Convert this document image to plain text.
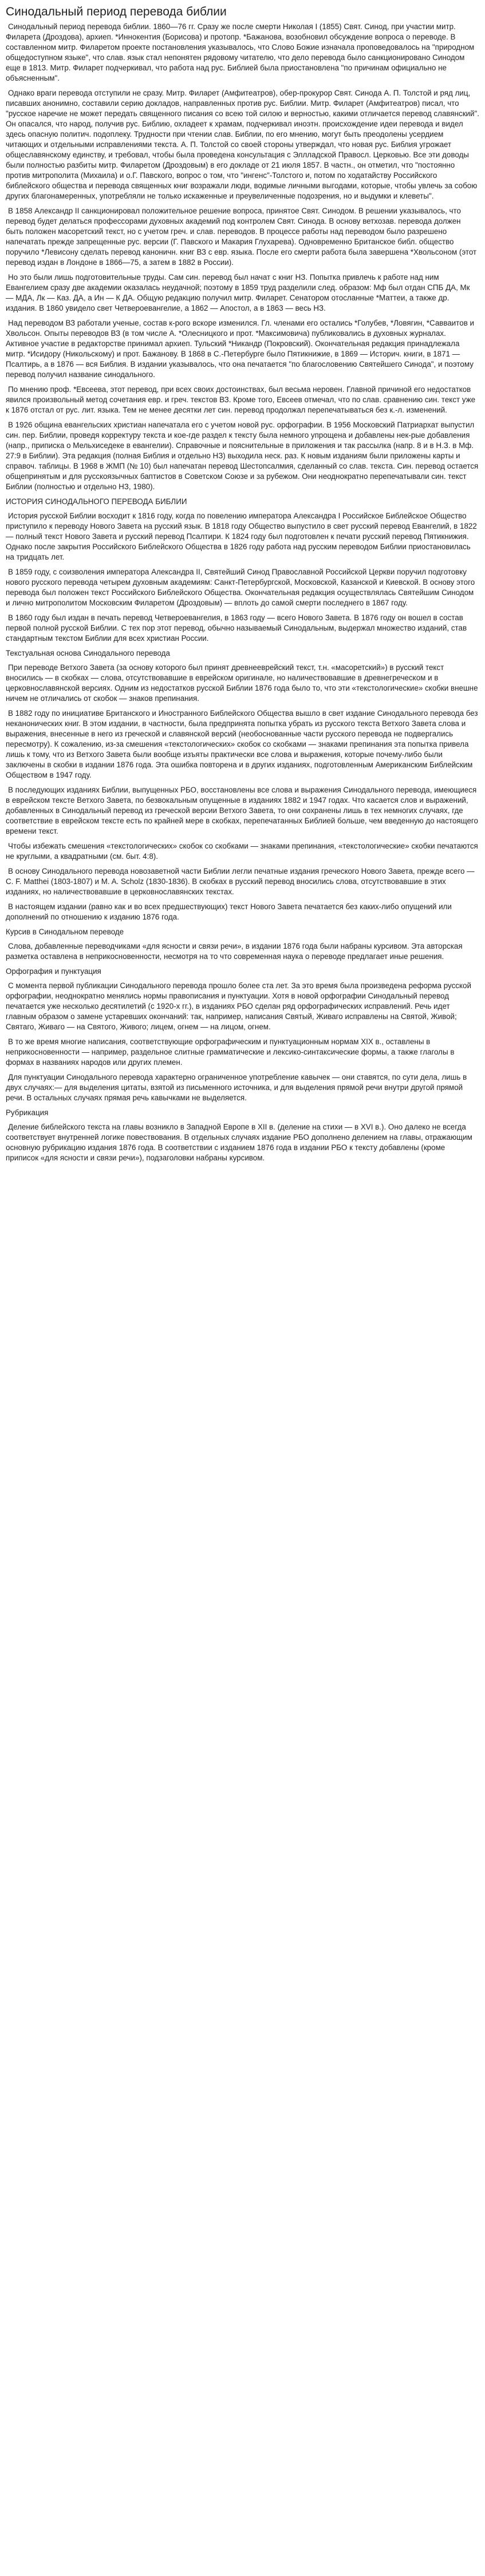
Синодальный период перевода библии

Синодальный период перевода библии. 1860—76 гг. Сразу же после смерти Николая I (1855) Свят. Синод, при участии митр. Филарета (Дроздова), архиеп. *Иннокентия (Борисова) и протопр. *Бажанова, возобновил обсуждение вопроса о переводе. В составленном митр. Филаретом проекте постановления указывалось, что Слово Божие изначала проповедовалось на "природном общедоступном языке", что слав. язык стал непонятен рядовому читателю, что дело перевода было санкционировано Синодом еще в 1813. Митр. Филарет подчеркивал, что работа над рус. Библией была приостановлена "по причинам официально не объясненным".

Однако враги перевода отступили не сразу. Митр. Филарет (Амфитеатров), обер-прокурор Свят. Синода А. П. Толстой и ряд лиц, писавших анонимно, составили серию докладов, направленных против рус. Библии. Митр. Филарет (Амфитеатров) писал, что "русское наречие не может передать священного писания со всею той силою и верностью, какими отличается перевод славянский". Он опасался, что народ, получив рус. Библию, охладеет к храмам, подчеркивал иноэтн. происхождение идеи перевода и видел здесь опасную политич. подоплеку. Трудности при чтении слав. Библии, по его мнению, могут быть преодолены усердием читающих и отдельными исправлениями текста. А. П. Толстой со своей стороны утверждал, что новая рус. Библия угрожает общеславянскому единству, и требовал, чтобы была проведена консультация с Эллладской Правосл. Церковью. Все эти доводы были полностью разбиты митр. Филаретом (Дроздовым) в его докладе от 21 июля 1857. В частн., он отметил, что "постоянно против митрополита (Михаила) и о.Г. Павского, вопрос о том, что "ингенс"-Толстого и, потом по ходатайству Российского библейского общества и перевода священных книг возражали люди, водимые личными выгодами, которые, чтобы увлечь за собою других благонамеренных, употребляли не только искаженные и преувеличенные подозрения, но и выдумки и клеветы".

В 1858 Александр II санкционировал положительное решение вопроса, принятое Свят. Синодом. В решении указывалось, что перевод будет делаться профессорами духовных академий под контролем Свят. Синода. В основу ветхозав. перевода должен быть положен масоретский текст, но с учетом греч. и слав. переводов. В процессе работы над переводом было разрешено напечатать прежде запрещенные рус. версии (Г. Павского и Макария Глухарева). Одновременно Британское библ. общество поручило *Левисону сделать перевод каноничн. книг ВЗ с евр. языка. После его смерти работа была завершена *Хвольсоном (этот перевод издан в Лондоне в 1866—75, а затем в 1882 в России).

Но это были лишь подготовительные труды. Сам син. перевод был начат с книг НЗ. Попытка привлечь к работе над ним Евангелием сразу две академии оказалась неудачной; поэтому в 1859 труд разделили след. образом: Мф был отдан СПБ ДА, Мк — МДА, Лк — Каз. ДА, а Ин — К ДА. Общую редакцию получил митр. Филарет. Сенатором отосланные *Маттеи, а также др. издания. В 1860 увидело свет Четвероевангелие, а 1862 — Апостол, а в 1863 — весь НЗ.

Над переводом ВЗ работали ученые, состав к-рого вскоре изменился. Гл. членами его остались *Голубев, *Ловягин, *Савваитов и Хвольсон. Опыты переводов ВЗ (в том числе А. *Олесницкого и прот. *Максимовича) публиковались в духовных журналах. Активное участие в редакторстве принимал архиеп. Тульский *Никандр (Покровский). Окончательная редакция принадлежала митр. *Исидору (Никольскому) и прот. Бажанову. В 1868 в С.-Петербурге было Пятикнижие, в 1869 — Историч. книги, в 1871 — Псалтирь, а в 1876 — вся Библия. В издании указывалось, что она печатается "по благословению Святейшего Синода", и поэтому перевод получил название синодального.

По мнению проф. *Евсеева, этот перевод, при всех своих достоинствах, был весьма неровен. Главной причиной его недостатков явился произвольный метод сочетания евр. и греч. текстов ВЗ. Кроме того, Евсеев отмечал, что по слав. сравнению син. текст уже к 1876 отстал от рус. лит. языка. Тем не менее десятки лет син. перевод продолжал перепечатываться без к.-л. изменений.

В 1926 община евангельских христиан напечатала его с учетом новой рус. орфографии. В 1956 Московский Патриархат выпустил син. пер. Библии, проведя корректуру текста и кое-где раздел к тексту была немного упрощена и добавлены нек-рые добавления (напр., приписка о Мельхиседеке в евангелии). Справочные и пояснительные в приложения и так рассылка (напр. 8 и в Н.З. в Мф. 27:9 в Библии). Эта редакция (полная Библия и отдельно НЗ) выходила неск. раз. К новым изданиям были приложены карты и справоч. таблицы. В 1968 в ЖМП (№ 10) был напечатан перевод Шестопсалмия, сделанный со слав. текста. Син. перевод остается общепринятым и для русскоязычных баптистов в Советском Союзе и за рубежом. Они неоднократно перепечатывали син. текст Библии (полностью и отдельно НЗ, 1980).

ИСТОРИЯ СИНОДАЛЬНОГО ПЕРЕВОДА БИБЛИИ

История русской Библии восходит к 1816 году, когда по повелению императора Александра I Российское Библейское Общество приступило к переводу Нового Завета на русский язык. В 1818 году Общество выпустило в свет русский перевод Евангелий, в 1822 — полный текст Нового Завета и русский перевод Псалтири. К 1824 году был подготовлен к печати русский перевод Пятикнижия. Однако после закрытия Российского Библейского Общества в 1826 году работа над русским переводом Библии приостановилась на тридцать лет.

В 1859 году, с соизволения императора Александра II, Святейший Синод Православной Российской Церкви поручил подготовку нового русского перевода четырем духовным академиям: Санкт-Петербургской, Московской, Казанской и Киевской. В основу этого перевода был положен текст Российского Библейского Общества. Окончательная редакция осуществлялась Святейшим Синодом и лично митрополитом Московским Филаретом (Дроздовым) — вплоть до самой смерти последнего в 1867 году.

В 1860 году был издан в печать перевод Четвероевангелия, в 1863 году — всего Нового Завета. В 1876 году он вошел в состав первой полной русской Библии. С тех пор этот перевод, обычно называемый Синодальным, выдержал множество изданий, став стандартным текстом Библии для всех христиан России.

Текстуальная основа Синодального перевода

При переводе Ветхого Завета (за основу которого был принят древнееврейский текст, т.н. «масоретский») в русский текст вносились — в скобках — слова, отсутствовавшие в еврейском оригинале, но наличествовавшие в древнегреческом и в церковнославянской версиях. Одним из недостатков русской Библии 1876 года было то, что эти «текстологические» скобки внешне ничем не отличались от скобок — знаков препинания.

В 1882 году по инициативе Британского и Иностранного Библейского Общества вышло в свет издание Синодального перевода без неканонических книг. В этом издании, в частности, была предпринята попытка убрать из русского текста Ветхого Завета слова и выражения, внесенные в него из греческой и славянской версий (необоснованные части русского перевода не подвергались пересмотру). К сожалению, из-за смешения «текстологических» скобок со скобками — знаками препинания эта попытка привела лишь к тому, что из Ветхого Завета были вообще изъяты практически все слова и выражения, которые почему-либо были заключены в скобки в издании 1876 года. Эта ошибка повторена и в других изданиях, подготовленным Американским Библейским Обществом в 1947 году.

В последующих изданиях Библии, выпущенных РБО, восстановлены все слова и выражения Синодального перевода, имеющиеся в еврейском тексте Ветхого Завета, по безвокальным опущенные в изданиях 1882 и 1947 годах. Что касается слов и выражений, добавленных в Синодальный перевод из греческой версии Ветхого Завета, то они сохранены лишь в тех немногих случаях, где соответствие в еврейском тексте есть по крайней мере в скобках, перепечатанных Библией больше, чем введенную до настоящего времени текст.

Чтобы избежать смешения «текстологических» скобок со скобками — знаками препинания, «текстологические» скобки печатаются не круглыми, а квадратными (см. быт. 4:8).

В основу Синодального перевода новозаветной части Библии легли печатные издания греческого Нового Завета, прежде всего — С. F. Matthei (1803-1807) и M. A. Scholz (1830-1836). В скобках в русский перевод вносились слова, отсутствовавшие в этих изданиях, но наличествовавшие в церковнославянских текстах.

В настоящем издании (равно как и во всех предшествующих) текст Нового Завета печатается без каких-либо опущений или дополнений по отношению к изданию 1876 года.

Курсив в Синодальном переводе

Слова, добавленные переводчиками «для ясности и связи речи», в издании 1876 года были набраны курсивом. Эта авторская разметка оставлена в неприкосновенности, несмотря на то что современная наука о переводе предлагает иные решения.

Орфография и пунктуация

С момента первой публикации Синодального перевода прошло более ста лет. За это время была произведена реформа русской орфографии, неоднократно менялись нормы правописания и пунктуации. Хотя в новой орфографии Синодальный перевод печатается уже несколько десятилетий (с 1920-х гг.), в изданиях РБО сделан ряд орфографических исправлений. Речь идет главным образом о замене устаревших окончаний: так, например, написания Святый, Живаго исправлены на Святой, Живой; Святаго, Живаго — на Святого, Живого; лицем, огнем — на лицом, огнем.

В то же время многие написания, соответствующие орфографическим и пунктуационным нормам XIX в., оставлены в неприкосновенности — например, раздельное слитные грамматические и лексико-синтаксические формы, а также глаголы в формах в названиях народов или других племен.

Для пунктуации Синодального перевода характерно ограниченное употребление кавычек — они ставятся, по сути дела, лишь в двух случаях:— для выделения цитаты, взятой из письменного источника, и для выделения прямой речи внутри другой прямой речи. В остальных случаях прямая речь кавычками не выделяется.

Рубрикация

Деление библейского текста на главы возникло в Западной Европе в XII в. (деление на стихи — в XVI в.). Оно далеко не всегда соответствует внутренней логике повествования. В отдельных случаях издание РБО дополнено делением на главы, отражающим основную рубрикацию издания 1876 года. В соответствии с изданием 1876 года в издании РБО к тексту добавлены (кроме приписок «для ясности и связи речи»), подзаголовки набраны курсивом.
